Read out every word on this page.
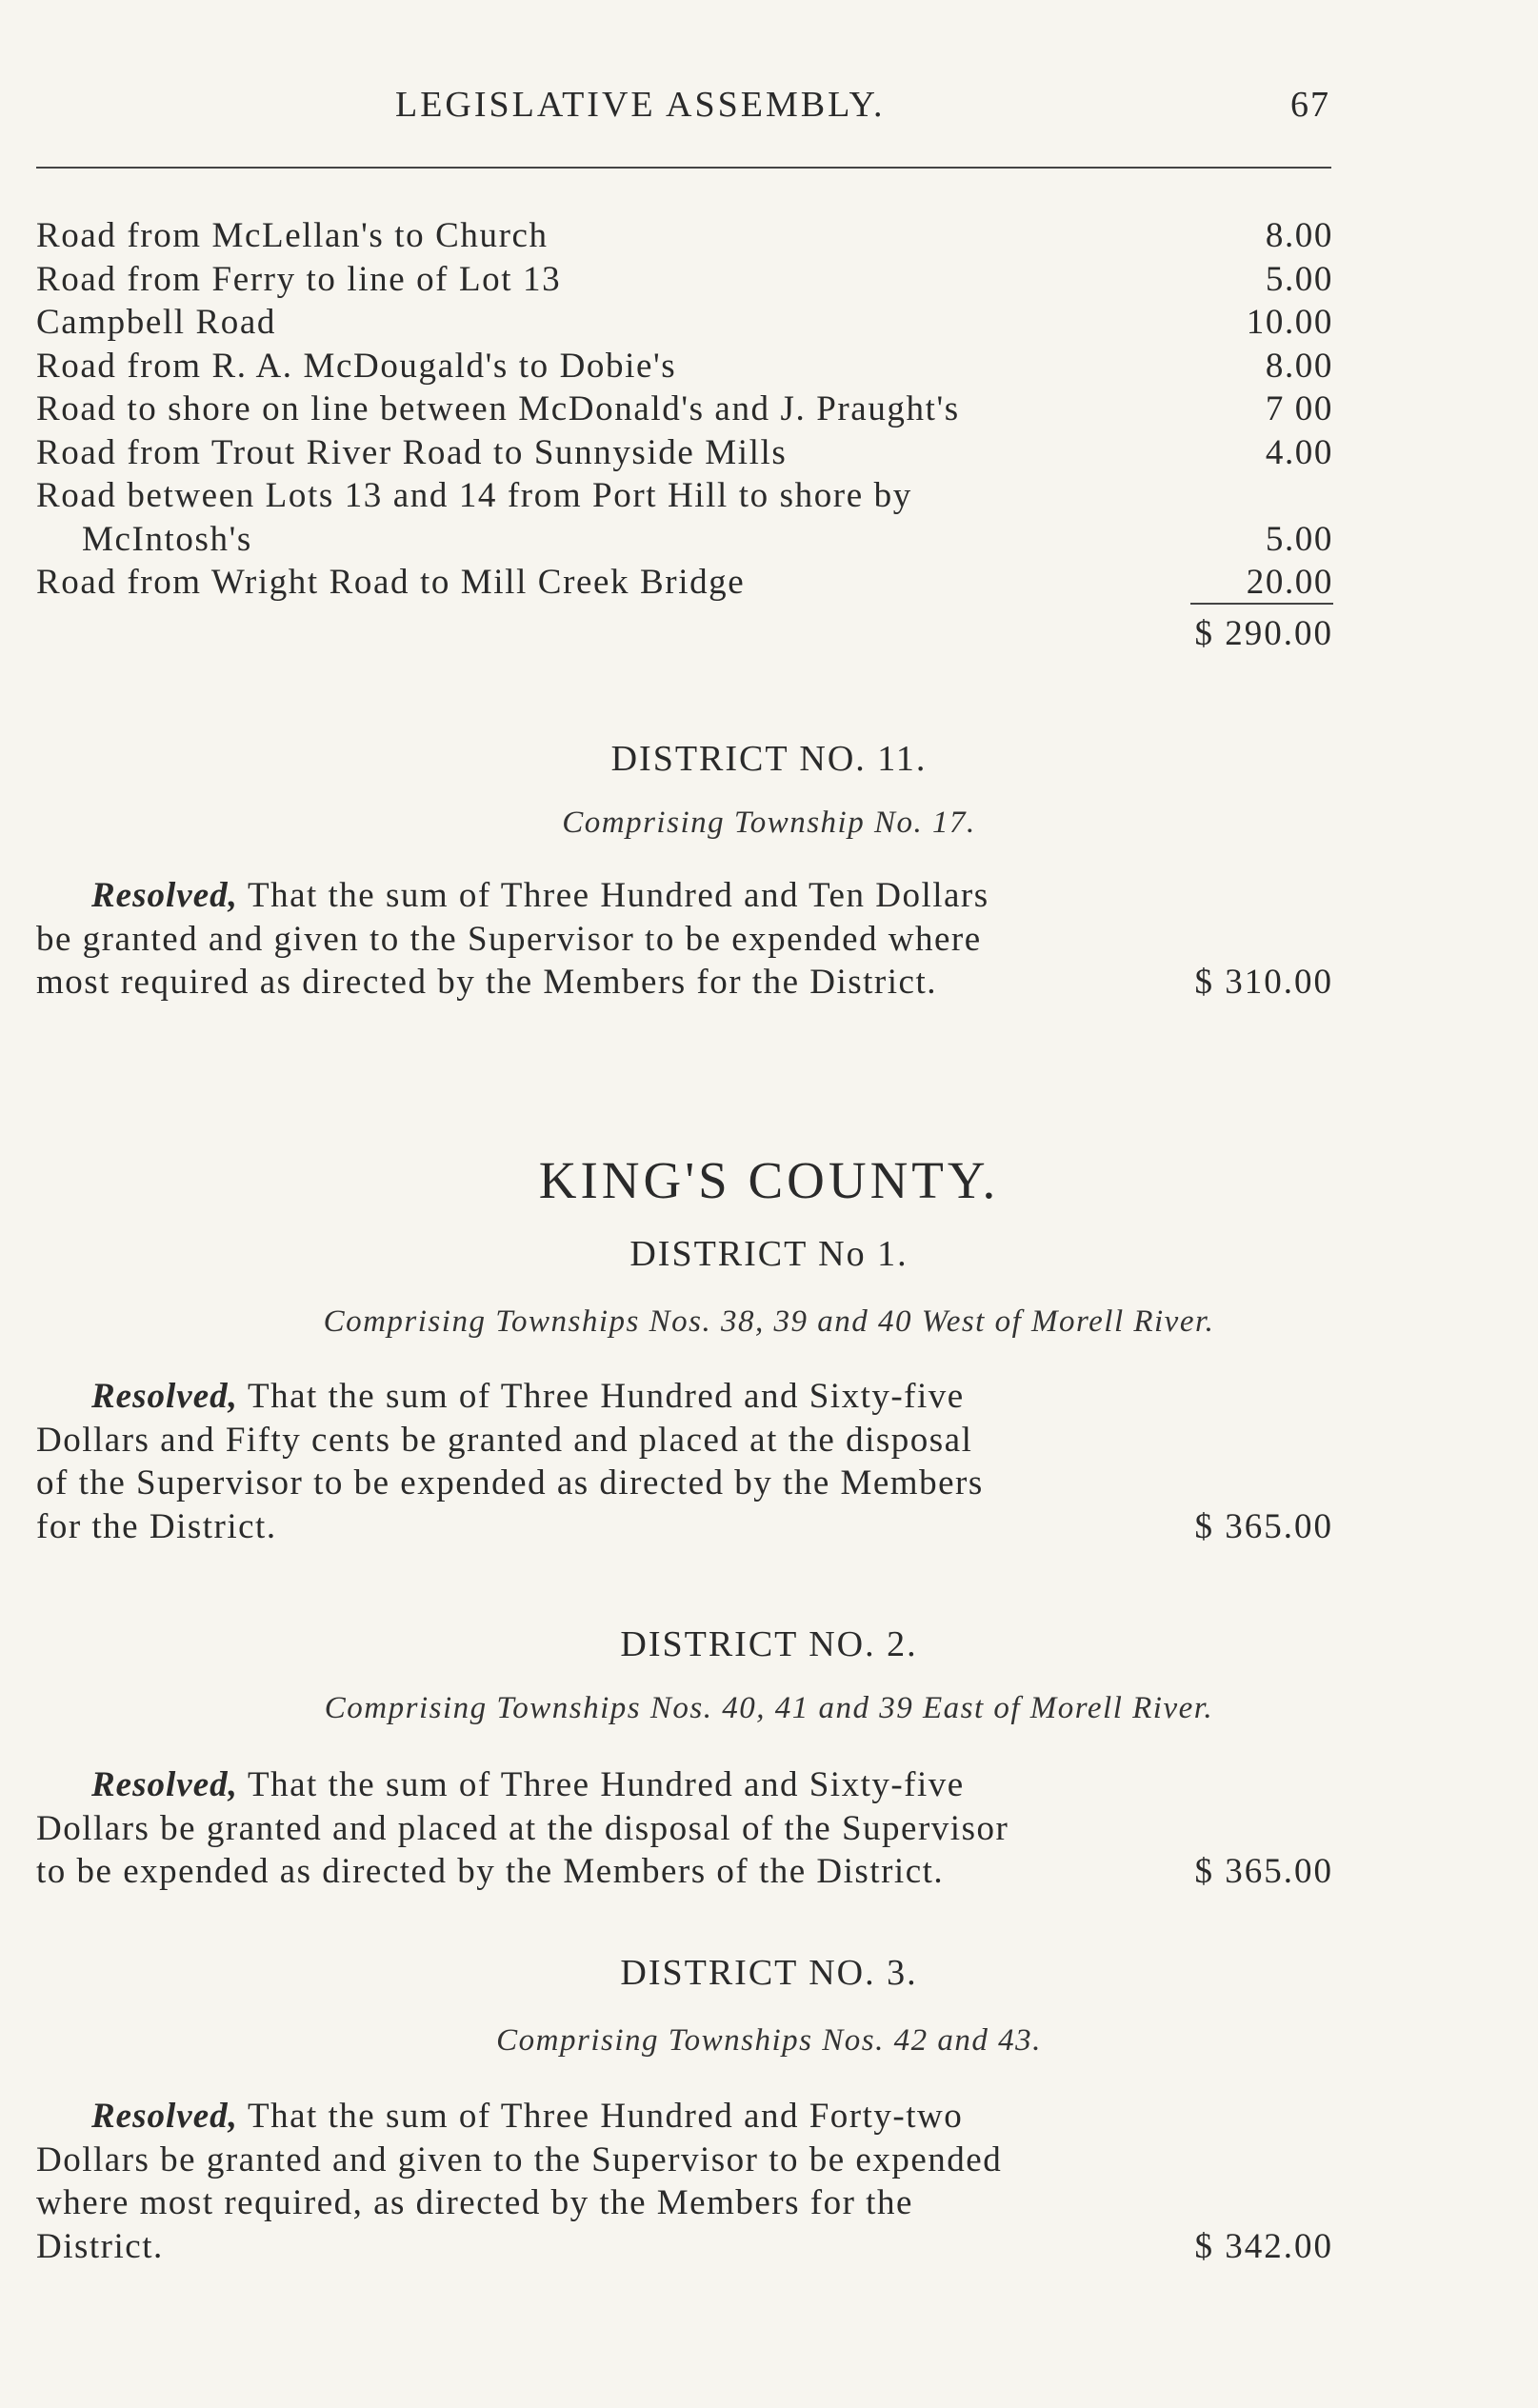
LEGISLATIVE ASSEMBLY.	67
Road from McLellan's to Church	8.00
Road from Ferry to line of Lot 13	5.00
Campbell Road	10.00
Road from R. A. McDougald's to Dobie's	8.00
Road to shore on line between McDonald's and J. Praught's	7 00
Road from Trout River Road to Sunnyside Mills	4.00
Road between Lots 13 and 14 from Port Hill to shore by
McIntosh's	5.00
Road from Wright Road to Mill Creek Bridge	20.00
$ 290.00
DISTRICT NO. 11.
Comprising Township No. 17.
Resolved, That the sum of Three Hundred and Ten Dollars
be granted and given to the Supervisor to be expended where
most required as directed by the Members for the District.	$ 310.00
KING'S COUNTY.
DISTRICT No 1.
Comprising Townships Nos. 38, 39 and 40 West of Morell River.
Resolved, That the sum of Three Hundred and Sixty-five
Dollars and Fifty cents be granted and placed at the disposal
of the Supervisor to be expended as directed by the Members
for the District.	$ 365.00
DISTRICT NO. 2.
Comprising Townships Nos. 40, 41 and 39 East of Morell River.
Resolved, That the sum of Three Hundred and Sixty-five
Dollars be granted and placed at the disposal of the Supervisor
to be expended as directed by the Members of the District.	$ 365.00
DISTRICT NO. 3.
Comprising Townships Nos. 42 and 43.
Resolved, That the sum of Three Hundred and Forty-two
Dollars be granted and given to the Supervisor to be expended
where most required, as directed by the Members for the
District.	$ 342.00
